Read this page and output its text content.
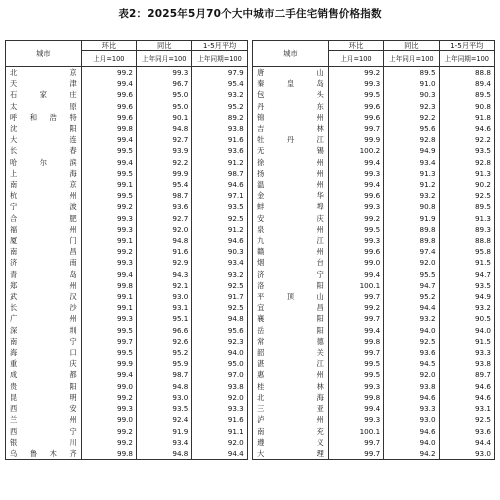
表2：2025年5月70个大中城市二手住宅销售价格指数
城市	环比	同比	1-5月平均		城市	环比	同比	1-5月平均
	上月=100	上年同月=100	上年同期=100			上月=100	上年同月=100	上年同期=100
北京	99.2	99.3	97.9		唐山	99.2	89.5	88.8
天津	99.4	96.7	95.4		秦皇岛	99.3	91.0	89.4
石家庄	99.6	95.0	93.2		包头	99.5	90.3	89.5
太原	99.6	95.0	95.2		丹东	99.6	92.3	90.8
呼和浩特	99.6	90.1	89.2		锦州	99.6	92.2	91.8
沈阳	99.8	94.8	93.8		吉林	99.7	95.6	94.6
大连	99.4	92.7	91.6		牡丹江	99.9	92.8	92.2
长春	99.5	93.9	93.6		无锡	100.2	94.9	93.5
哈尔滨	99.4	92.2	91.2		徐州	99.4	93.4	92.8
上海	99.5	99.9	98.7		扬州	99.3	91.3	91.3
南京	99.1	95.4	94.6		温州	99.4	91.2	90.2
杭州	99.5	98.7	97.1		金华	99.6	93.2	92.5
宁波	99.2	93.6	93.5		蚌埠	99.3	90.8	89.5
合肥	99.3	92.7	92.5		安庆	99.2	91.9	91.3
福州	99.3	92.0	91.2		泉州	99.5	89.8	89.3
厦门	99.1	94.8	94.6		九江	99.3	89.8	88.8
南昌	99.2	91.6	90.3		赣州	99.6	97.4	95.8
济南	99.3	92.9	93.4		烟台	99.0	92.0	91.5
青岛	99.4	94.3	93.2		济宁	99.4	95.5	94.7
郑州	99.8	92.1	92.5		洛阳	100.1	94.7	93.5
武汉	99.1	93.0	91.7		平顶山	99.7	95.2	94.9
长沙	99.1	93.1	92.5		宜昌	99.2	94.4	93.2
广州	99.3	95.1	94.8		襄阳	99.7	93.2	90.5
深圳	99.5	96.6	95.6		岳阳	99.4	94.0	94.0
南宁	99.7	92.6	92.3		常德	99.8	92.5	91.5
海口	99.5	95.2	94.0		韶关	99.7	93.6	93.3
重庆	99.9	95.9	95.0		湛江	99.5	94.5	93.8
成都	99.4	98.7	97.0		惠州	99.5	92.0	89.7
贵阳	99.0	94.8	93.8		桂林	99.3	93.8	94.6
昆明	99.2	93.0	92.0		北海	99.8	94.6	94.6
西安	99.3	93.5	93.3		三亚	99.4	93.3	93.1
兰州	99.0	92.4	91.6		泸州	99.3	93.0	92.5
西宁	99.2	91.9	91.1		南充	100.1	94.6	93.6
银川	99.2	93.4	92.0		遵义	99.7	94.0	94.4
乌鲁木齐	99.8	94.8	94.4		大理	99.7	94.2	93.0
